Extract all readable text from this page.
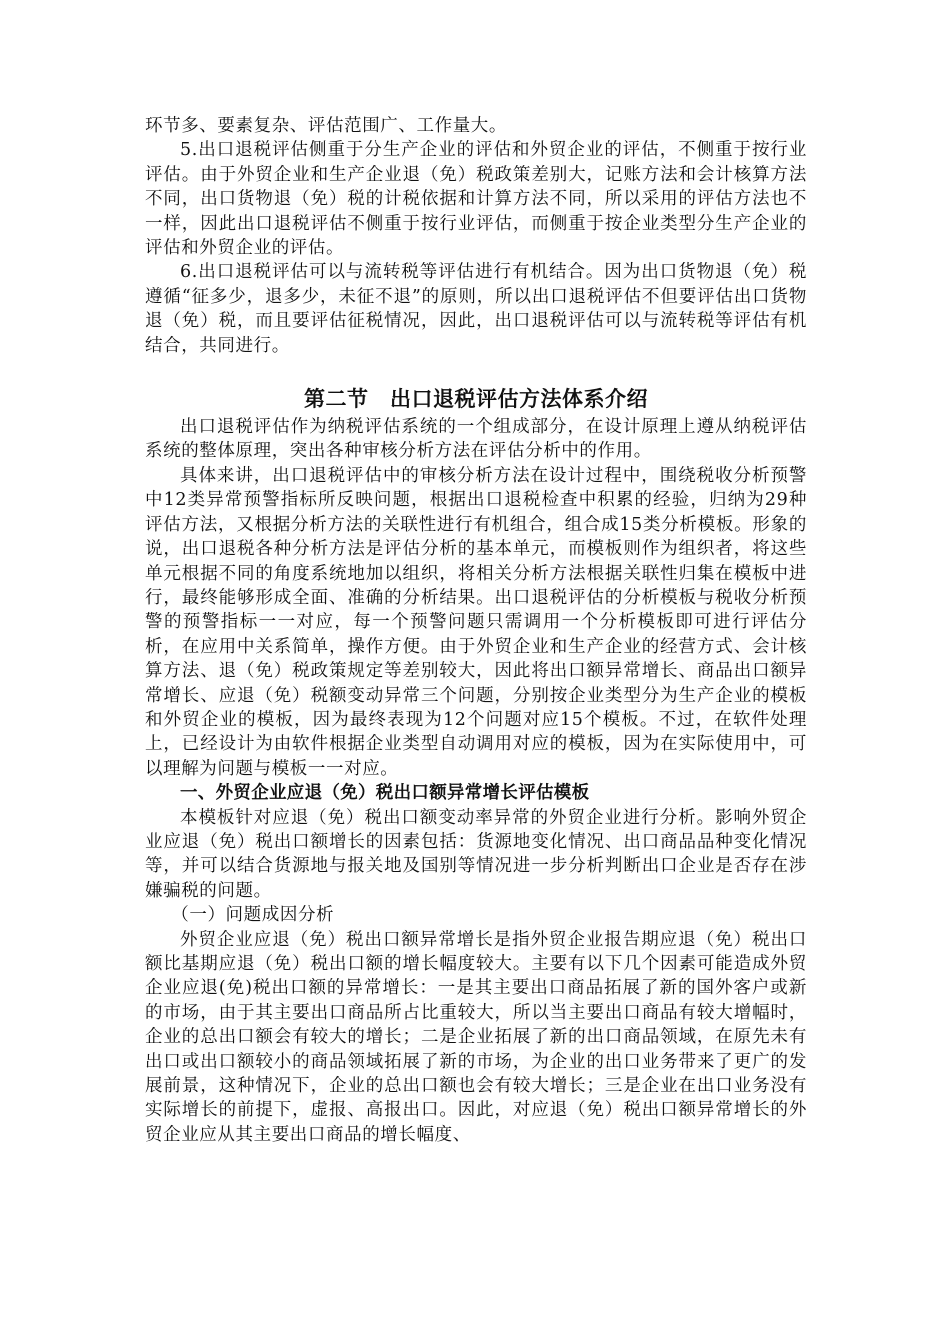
环节多、要素复杂、评估范围广、工作量大。

5.出口退税评估侧重于分生产企业的评估和外贸企业的评估，不侧重于按行业评估。由于外贸企业和生产企业退（免）税政策差别大，记账方法和会计核算方法不同，出口货物退（免）税的计税依据和计算方法不同，所以采用的评估方法也不一样，因此出口退税评估不侧重于按行业评估，而侧重于按企业类型分生产企业的评估和外贸企业的评估。

6.出口退税评估可以与流转税等评估进行有机结合。因为出口货物退（免）税遵循“征多少，退多少，未征不退”的原则，所以出口退税评估不但要评估出口货物退（免）税，而且要评估征税情况，因此，出口退税评估可以与流转税等评估有机结合，共同进行。

第二节　出口退税评估方法体系介绍

出口退税评估作为纳税评估系统的一个组成部分，在设计原理上遵从纳税评估系统的整体原理，突出各种审核分析方法在评估分析中的作用。

具体来讲，出口退税评估中的审核分析方法在设计过程中，围绕税收分析预警中12类异常预警指标所反映问题，根据出口退税检查中积累的经验，归纳为29种评估方法，又根据分析方法的关联性进行有机组合，组合成15类分析模板。形象的说，出口退税各种分析方法是评估分析的基本单元，而模板则作为组织者，将这些单元根据不同的角度系统地加以组织，将相关分析方法根据关联性归集在模板中进行，最终能够形成全面、准确的分析结果。出口退税评估的分析模板与税收分析预警的预警指标一一对应，每一个预警问题只需调用一个分析模板即可进行评估分析，在应用中关系简单，操作方便。由于外贸企业和生产企业的经营方式、会计核算方法、退（免）税政策规定等差别较大，因此将出口额异常增长、商品出口额异常增长、应退（免）税额变动异常三个问题，分别按企业类型分为生产企业的模板和外贸企业的模板，因为最终表现为12个问题对应15个模板。不过，在软件处理上，已经设计为由软件根据企业类型自动调用对应的模板，因为在实际使用中，可以理解为问题与模板一一对应。

一、外贸企业应退（免）税出口额异常增长评估模板

本模板针对应退（免）税出口额变动率异常的外贸企业进行分析。影响外贸企业应退（免）税出口额增长的因素包括：货源地变化情况、出口商品品种变化情况等，并可以结合货源地与报关地及国别等情况进一步分析判断出口企业是否存在涉嫌骗税的问题。

（一）问题成因分析

外贸企业应退（免）税出口额异常增长是指外贸企业报告期应退（免）税出口额比基期应退（免）税出口额的增长幅度较大。主要有以下几个因素可能造成外贸企业应退(免)税出口额的异常增长：一是其主要出口商品拓展了新的国外客户或新的市场，由于其主要出口商品所占比重较大，所以当主要出口商品有较大增幅时，企业的总出口额会有较大的增长；二是企业拓展了新的出口商品领域，在原先未有出口或出口额较小的商品领域拓展了新的市场，为企业的出口业务带来了更广的发展前景，这种情况下，企业的总出口额也会有较大增长；三是企业在出口业务没有实际增长的前提下，虚报、高报出口。因此，对应退（免）税出口额异常增长的外贸企业应从其主要出口商品的增长幅度、
